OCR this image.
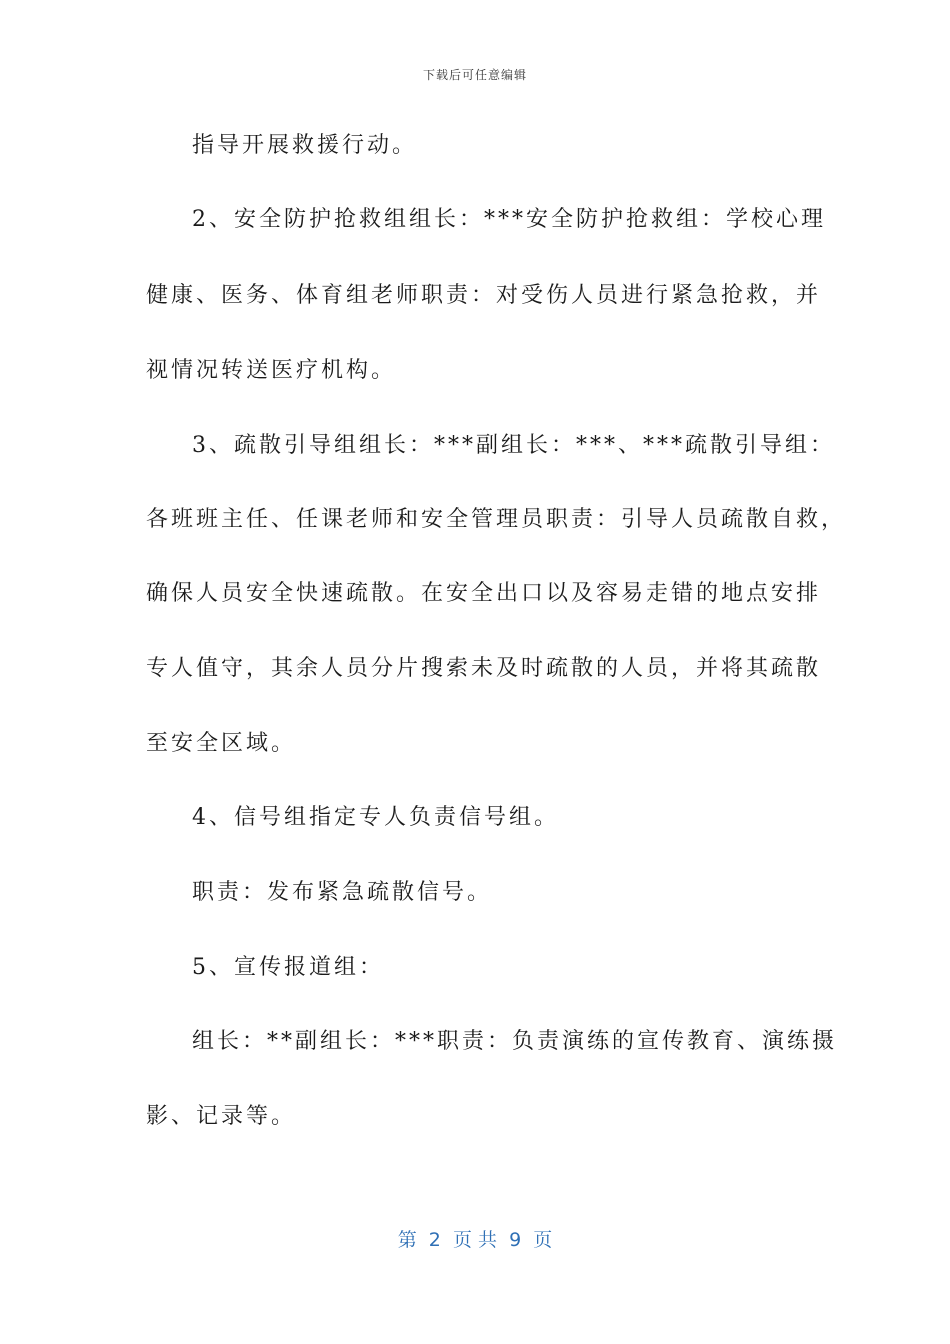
下载后可任意编辑
指导开展救援行动。
2、安全防护抢救组组长：***安全防护抢救组：学校心理
健康、医务、体育组老师职责：对受伤人员进行紧急抢救，并
视情况转送医疗机构。
3、疏散引导组组长：***副组长：***、***疏散引导组：
各班班主任、任课老师和安全管理员职责：引导人员疏散自救，
确保人员安全快速疏散。在安全出口以及容易走错的地点安排
专人值守，其余人员分片搜索未及时疏散的人员，并将其疏散
至安全区域。
4、信号组指定专人负责信号组。
职责：发布紧急疏散信号。
5、宣传报道组：
组长：**副组长：***职责：负责演练的宣传教育、演练摄
影、记录等。
第  2  页 共  9  页
